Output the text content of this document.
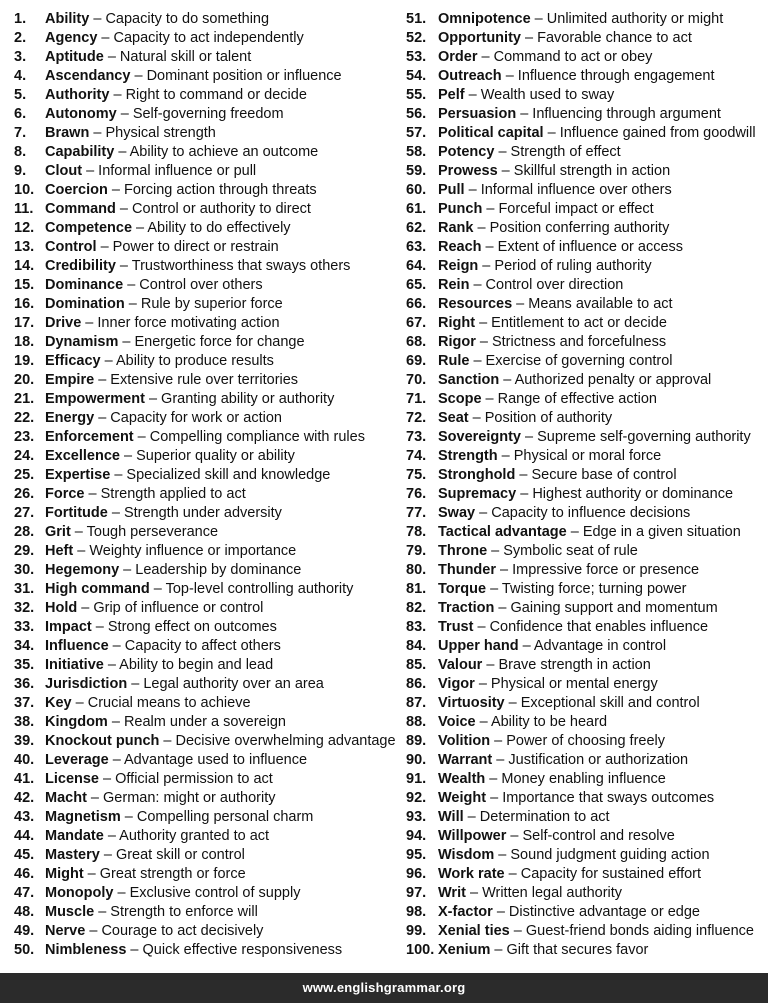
1. Ability – Capacity to do something
2. Agency – Capacity to act independently
3. Aptitude – Natural skill or talent
4. Ascendancy – Dominant position or influence
5. Authority – Right to command or decide
6. Autonomy – Self-governing freedom
7. Brawn – Physical strength
8. Capability – Ability to achieve an outcome
9. Clout – Informal influence or pull
10. Coercion – Forcing action through threats
11. Command – Control or authority to direct
12. Competence – Ability to do effectively
13. Control – Power to direct or restrain
14. Credibility – Trustworthiness that sways others
15. Dominance – Control over others
16. Domination – Rule by superior force
17. Drive – Inner force motivating action
18. Dynamism – Energetic force for change
19. Efficacy – Ability to produce results
20. Empire – Extensive rule over territories
21. Empowerment – Granting ability or authority
22. Energy – Capacity for work or action
23. Enforcement – Compelling compliance with rules
24. Excellence – Superior quality or ability
25. Expertise – Specialized skill and knowledge
26. Force – Strength applied to act
27. Fortitude – Strength under adversity
28. Grit – Tough perseverance
29. Heft – Weighty influence or importance
30. Hegemony – Leadership by dominance
31. High command – Top-level controlling authority
32. Hold – Grip of influence or control
33. Impact – Strong effect on outcomes
34. Influence – Capacity to affect others
35. Initiative – Ability to begin and lead
36. Jurisdiction – Legal authority over an area
37. Key – Crucial means to achieve
38. Kingdom – Realm under a sovereign
39. Knockout punch – Decisive overwhelming advantage
40. Leverage – Advantage used to influence
41. License – Official permission to act
42. Macht – German: might or authority
43. Magnetism – Compelling personal charm
44. Mandate – Authority granted to act
45. Mastery – Great skill or control
46. Might – Great strength or force
47. Monopoly – Exclusive control of supply
48. Muscle – Strength to enforce will
49. Nerve – Courage to act decisively
50. Nimbleness – Quick effective responsiveness
51. Omnipotence – Unlimited authority or might
52. Opportunity – Favorable chance to act
53. Order – Command to act or obey
54. Outreach – Influence through engagement
55. Pelf – Wealth used to sway
56. Persuasion – Influencing through argument
57. Political capital – Influence gained from goodwill
58. Potency – Strength of effect
59. Prowess – Skillful strength in action
60. Pull – Informal influence over others
61. Punch – Forceful impact or effect
62. Rank – Position conferring authority
63. Reach – Extent of influence or access
64. Reign – Period of ruling authority
65. Rein – Control over direction
66. Resources – Means available to act
67. Right – Entitlement to act or decide
68. Rigor – Strictness and forcefulness
69. Rule – Exercise of governing control
70. Sanction – Authorized penalty or approval
71. Scope – Range of effective action
72. Seat – Position of authority
73. Sovereignty – Supreme self-governing authority
74. Strength – Physical or moral force
75. Stronghold – Secure base of control
76. Supremacy – Highest authority or dominance
77. Sway – Capacity to influence decisions
78. Tactical advantage – Edge in a given situation
79. Throne – Symbolic seat of rule
80. Thunder – Impressive force or presence
81. Torque – Twisting force; turning power
82. Traction – Gaining support and momentum
83. Trust – Confidence that enables influence
84. Upper hand – Advantage in control
85. Valour – Brave strength in action
86. Vigor – Physical or mental energy
87. Virtuosity – Exceptional skill and control
88. Voice – Ability to be heard
89. Volition – Power of choosing freely
90. Warrant – Justification or authorization
91. Wealth – Money enabling influence
92. Weight – Importance that sways outcomes
93. Will – Determination to act
94. Willpower – Self-control and resolve
95. Wisdom – Sound judgment guiding action
96. Work rate – Capacity for sustained effort
97. Writ – Written legal authority
98. X-factor – Distinctive advantage or edge
99. Xenial ties – Guest-friend bonds aiding influence
100. Xenium – Gift that secures favor
www.englishgrammar.org
